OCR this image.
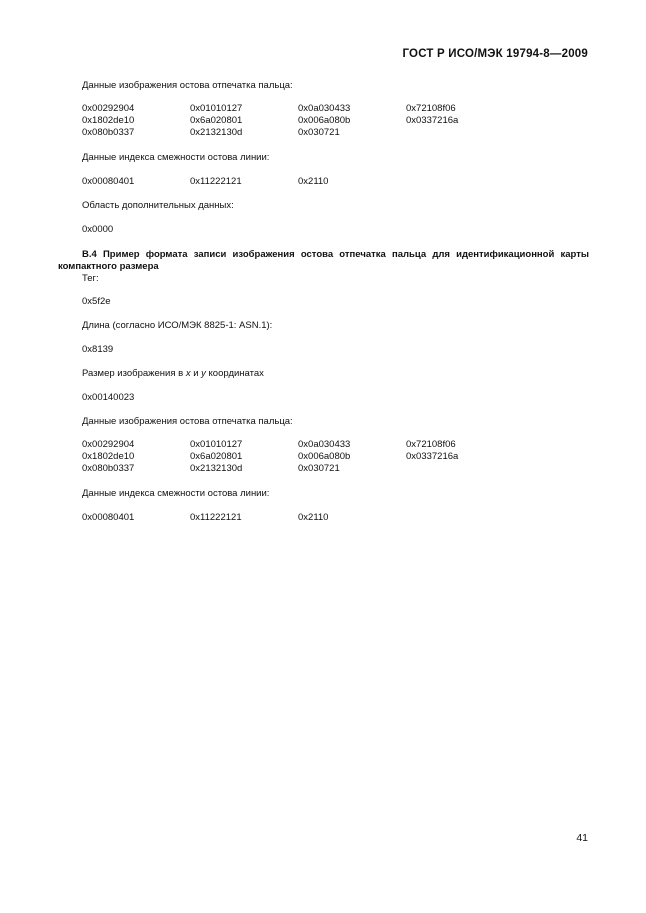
ГОСТ Р ИСО/МЭК 19794-8—2009
Данные изображения остова отпечатка пальца:
0x00292904	0x01010127	0x0a030433	0x72108f06
0x1802de10	0x6a020801	0x006a080b	0x0337216a
0x080b0337	0x2132130d	0x030721
Данные индекса смежности остова линии:
0x00080401	0x11222121	0x2110
Область дополнительных данных:
0x0000
В.4 Пример формата записи изображения остова отпечатка пальца для идентификационной карты компактного размера
Тег:
0x5f2e
Длина (согласно ИСО/МЭК 8825-1: ASN.1):
0x8139
Размер изображения в x и y координатах
0x00140023
Данные изображения остова отпечатка пальца:
0x00292904	0x01010127	0x0a030433	0x72108f06
0x1802de10	0x6a020801	0x006a080b	0x0337216a
0x080b0337	0x2132130d	0x030721
Данные индекса смежности остова линии:
0x00080401	0x11222121	0x2110
41
